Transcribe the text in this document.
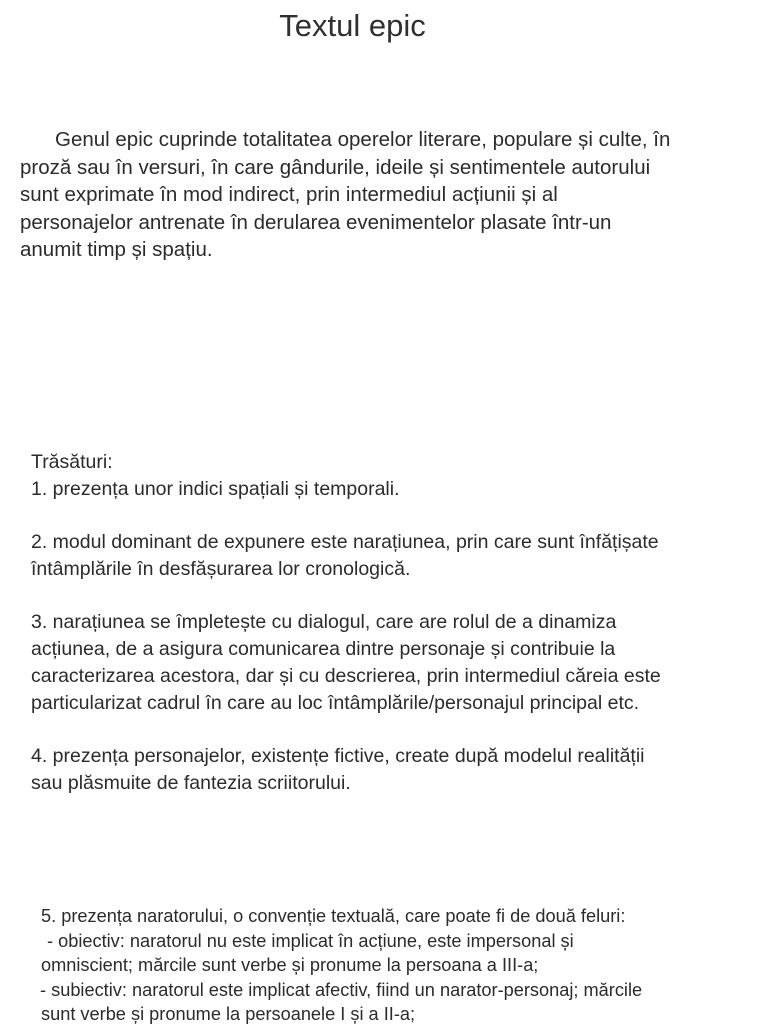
Textul epic

Genul epic cuprinde totalitatea operelor literare, populare și culte, în
proză sau în versuri, în care gândurile, ideile și sentimentele autorului
sunt exprimate în mod indirect, prin intermediul acțiunii și al
personajelor antrenate în derularea evenimentelor plasate într-un
anumit timp și spațiu.

Trăsături:
1. prezența unor indici spațiali și temporali.
2. modul dominant de expunere este narațiunea, prin care sunt înfățișate
întâmplările în desfășurarea lor cronologică.
3. narațiunea se împletește cu dialogul, care are rolul de a dinamiza
acțiunea, de a asigura comunicarea dintre personaje și contribuie la
caracterizarea acestora, dar și cu descrierea, prin intermediul căreia este
particularizat cadrul în care au loc întâmplările/personajul principal etc.
4. prezența personajelor, existențe fictive, create după modelul realității
sau plăsmuite de fantezia scriitorului.
5. prezența naratorului, o convenție textuală, care poate fi de două feluri:
- obiectiv: naratorul nu este implicat în acțiune, este impersonal și
omniscient; mărcile sunt verbe și pronume la persoana a III-a;
- subiectiv: naratorul este implicat afectiv, fiind un narator-personaj; mărcile
sunt verbe și pronume la persoanele I și a II-a;
